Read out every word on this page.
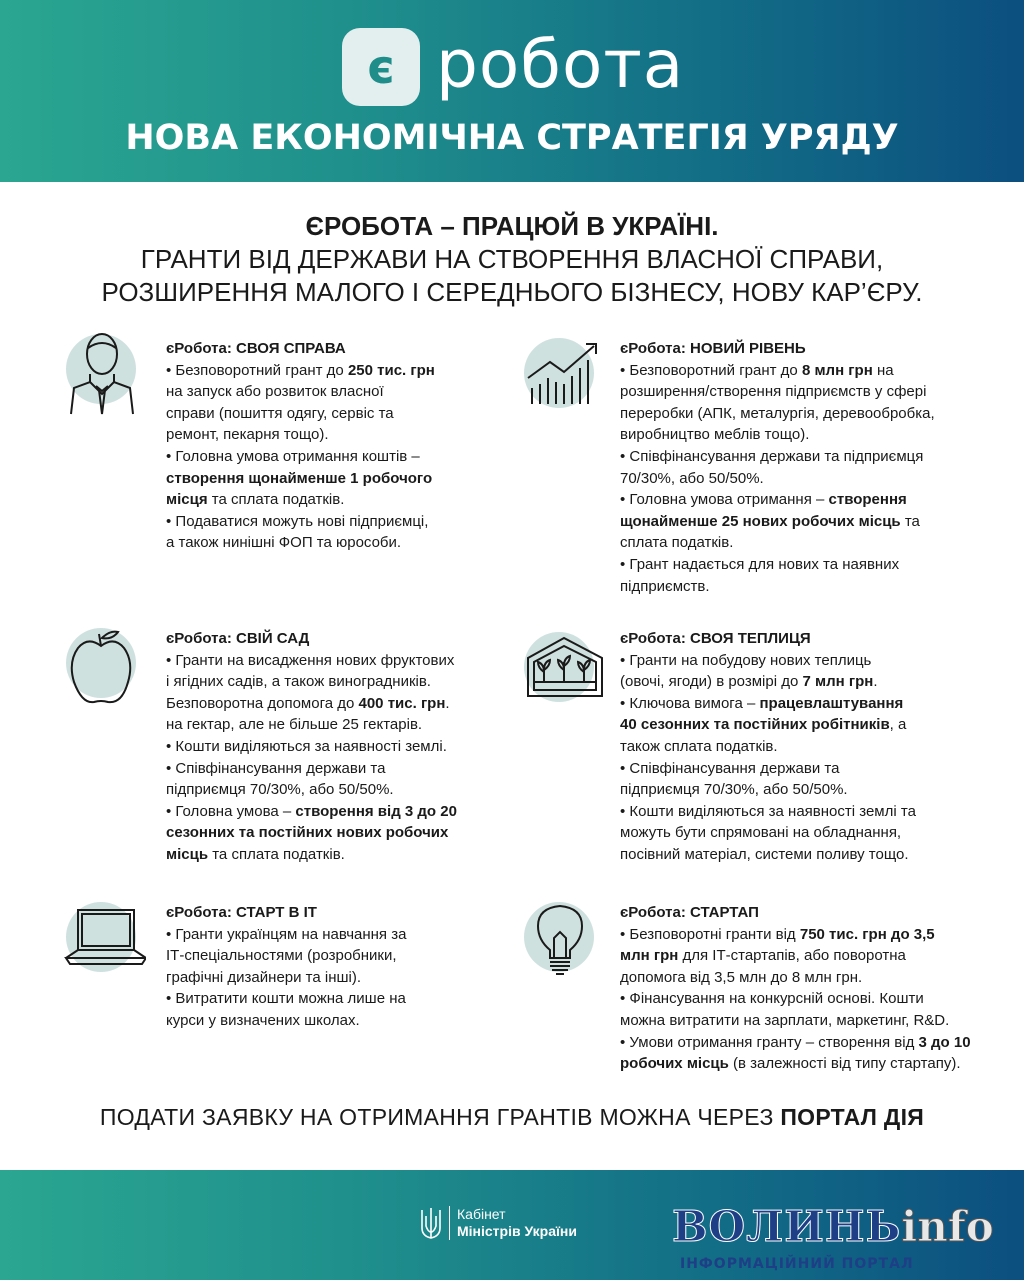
є робота
НОВА ЕКОНОМІЧНА СТРАТЕГІЯ УРЯДУ
ЄРОБОТА – ПРАЦЮЙ В УКРАЇНІ.
ГРАНТИ ВІД ДЕРЖАВИ НА СТВОРЕННЯ ВЛАСНОЇ СПРАВИ,
РОЗШИРЕННЯ МАЛОГО І СЕРЕДНЬОГО БІЗНЕСУ, НОВУ КАР’ЄРУ.
єРобота: СВОЯ СПРАВА
• Безповоротний грант до 250 тис. грн
на запуск або розвиток власної
справи (пошиття одягу, сервіс та
ремонт, пекарня тощо).
• Головна умова отримання коштів –
створення щонайменше 1 робочого
місця та сплата податків.
• Подаватися можуть нові підприємці,
а також нинішні ФОП та юрособи.
єРобота: НОВИЙ РІВЕНЬ
• Безповоротний грант до 8 млн грн на
розширення/створення підприємств у сфері
переробки (АПК, металургія, деревообробка,
виробництво меблів тощо).
• Співфінансування держави та підприємця
70/30%, або 50/50%.
• Головна умова отримання – створення
щонайменше 25 нових робочих місць та
сплата податків.
• Грант надається для нових та наявних
підприємств.
єРобота: СВІЙ САД
• Гранти на висадження нових фруктових
і ягідних садів, а також виноградників.
Безповоротна допомога до 400 тис. грн.
на гектар, але не більше 25 гектарів.
• Кошти виділяються за наявності землі.
• Співфінансування держави та
підприємця 70/30%, або 50/50%.
• Головна умова – створення від 3 до 20
сезонних та постійних нових робочих
місць та сплата податків.
єРобота: СВОЯ ТЕПЛИЦЯ
• Гранти на побудову нових теплиць
(овочі, ягоди) в розмірі до 7 млн грн.
• Ключова вимога – працевлаштування
40 сезонних та постійних робітників, а
також сплата податків.
• Співфінансування держави та
підприємця 70/30%, або 50/50%.
• Кошти виділяються за наявності землі та
можуть бути спрямовані на обладнання,
посівний матеріал, системи поливу тощо.
єРобота: СТАРТ В ІТ
• Гранти українцям на навчання за
ІТ-спеціальностями (розробники,
графічні дизайнери та інші).
• Витратити кошти можна лише на
курси у визначених школах.
єРобота: СТАРТАП
• Безповоротні гранти від 750 тис. грн до 3,5
млн грн для ІТ-стартапів, або поворотна
допомога від 3,5 млн до 8 млн грн.
• Фінансування на конкурсній основі. Кошти
можна витратити на зарплати, маркетинг, R&D.
• Умови отримання гранту – створення від 3 до 10
робочих місць (в залежності від типу стартапу).
ПОДАТИ ЗАЯВКУ НА ОТРИМАННЯ ГРАНТІВ МОЖНА ЧЕРЕЗ ПОРТАЛ ДІЯ
Кабінет
Міністрів України ВОЛИНЬinfo
ІНФОРМАЦІЙНИЙ ПОРТАЛ
